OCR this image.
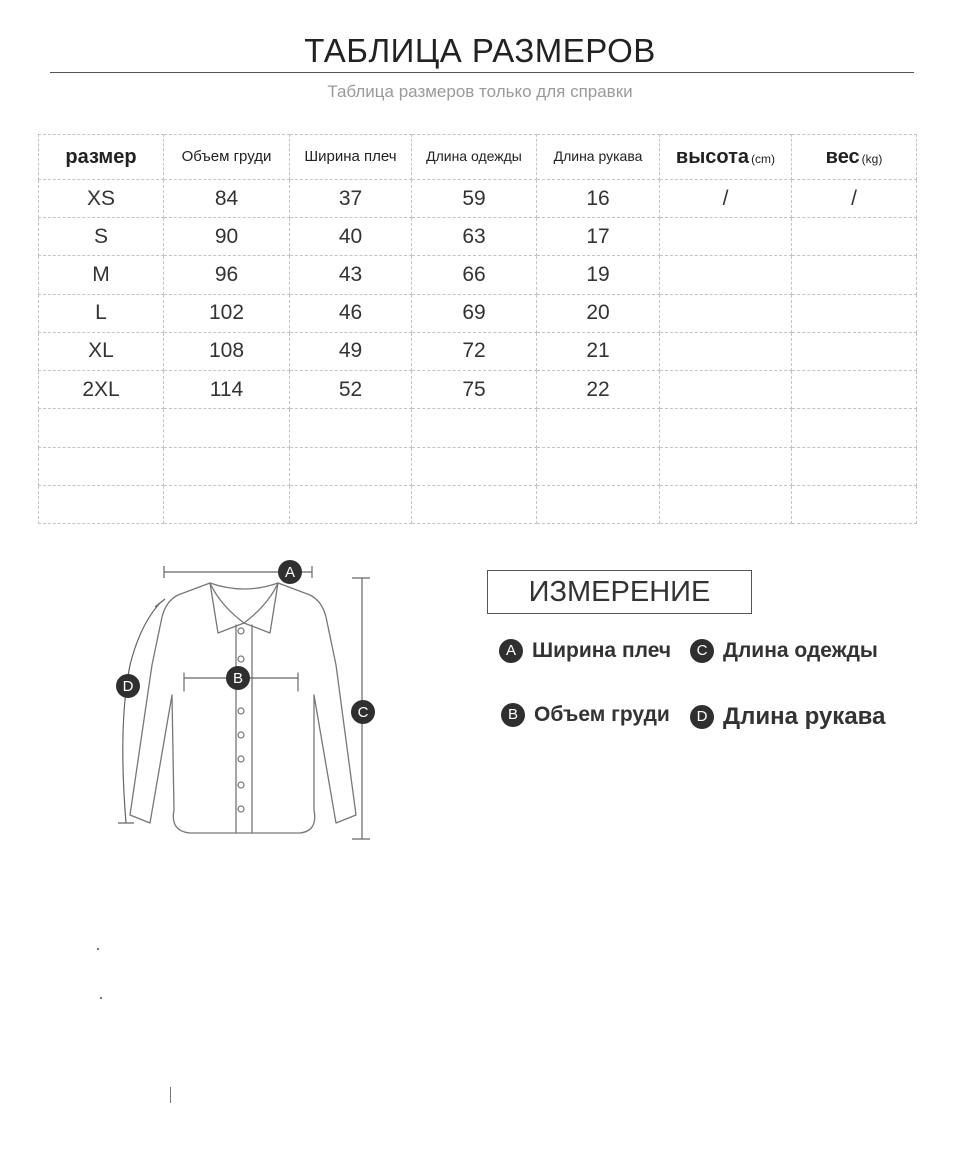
ТАБЛИЦА РАЗМЕРОВ
Таблица размеров только для справки
размер	Объем груди	Ширина плеч	Длина одежды	Длина рукава	высота (cm)	вес (kg)
XS	84	37	59	16	/	/
S	90	40	63	17		
M	96	43	66	19		
L	102	46	69	20		
XL	108	49	72	21		
2XL	114	52	75	22		

A
B
C
D
ИЗМЕРЕНИЕ
A Ширина плеч	C Длина одежды
B Объем груди	D Длина рукава
